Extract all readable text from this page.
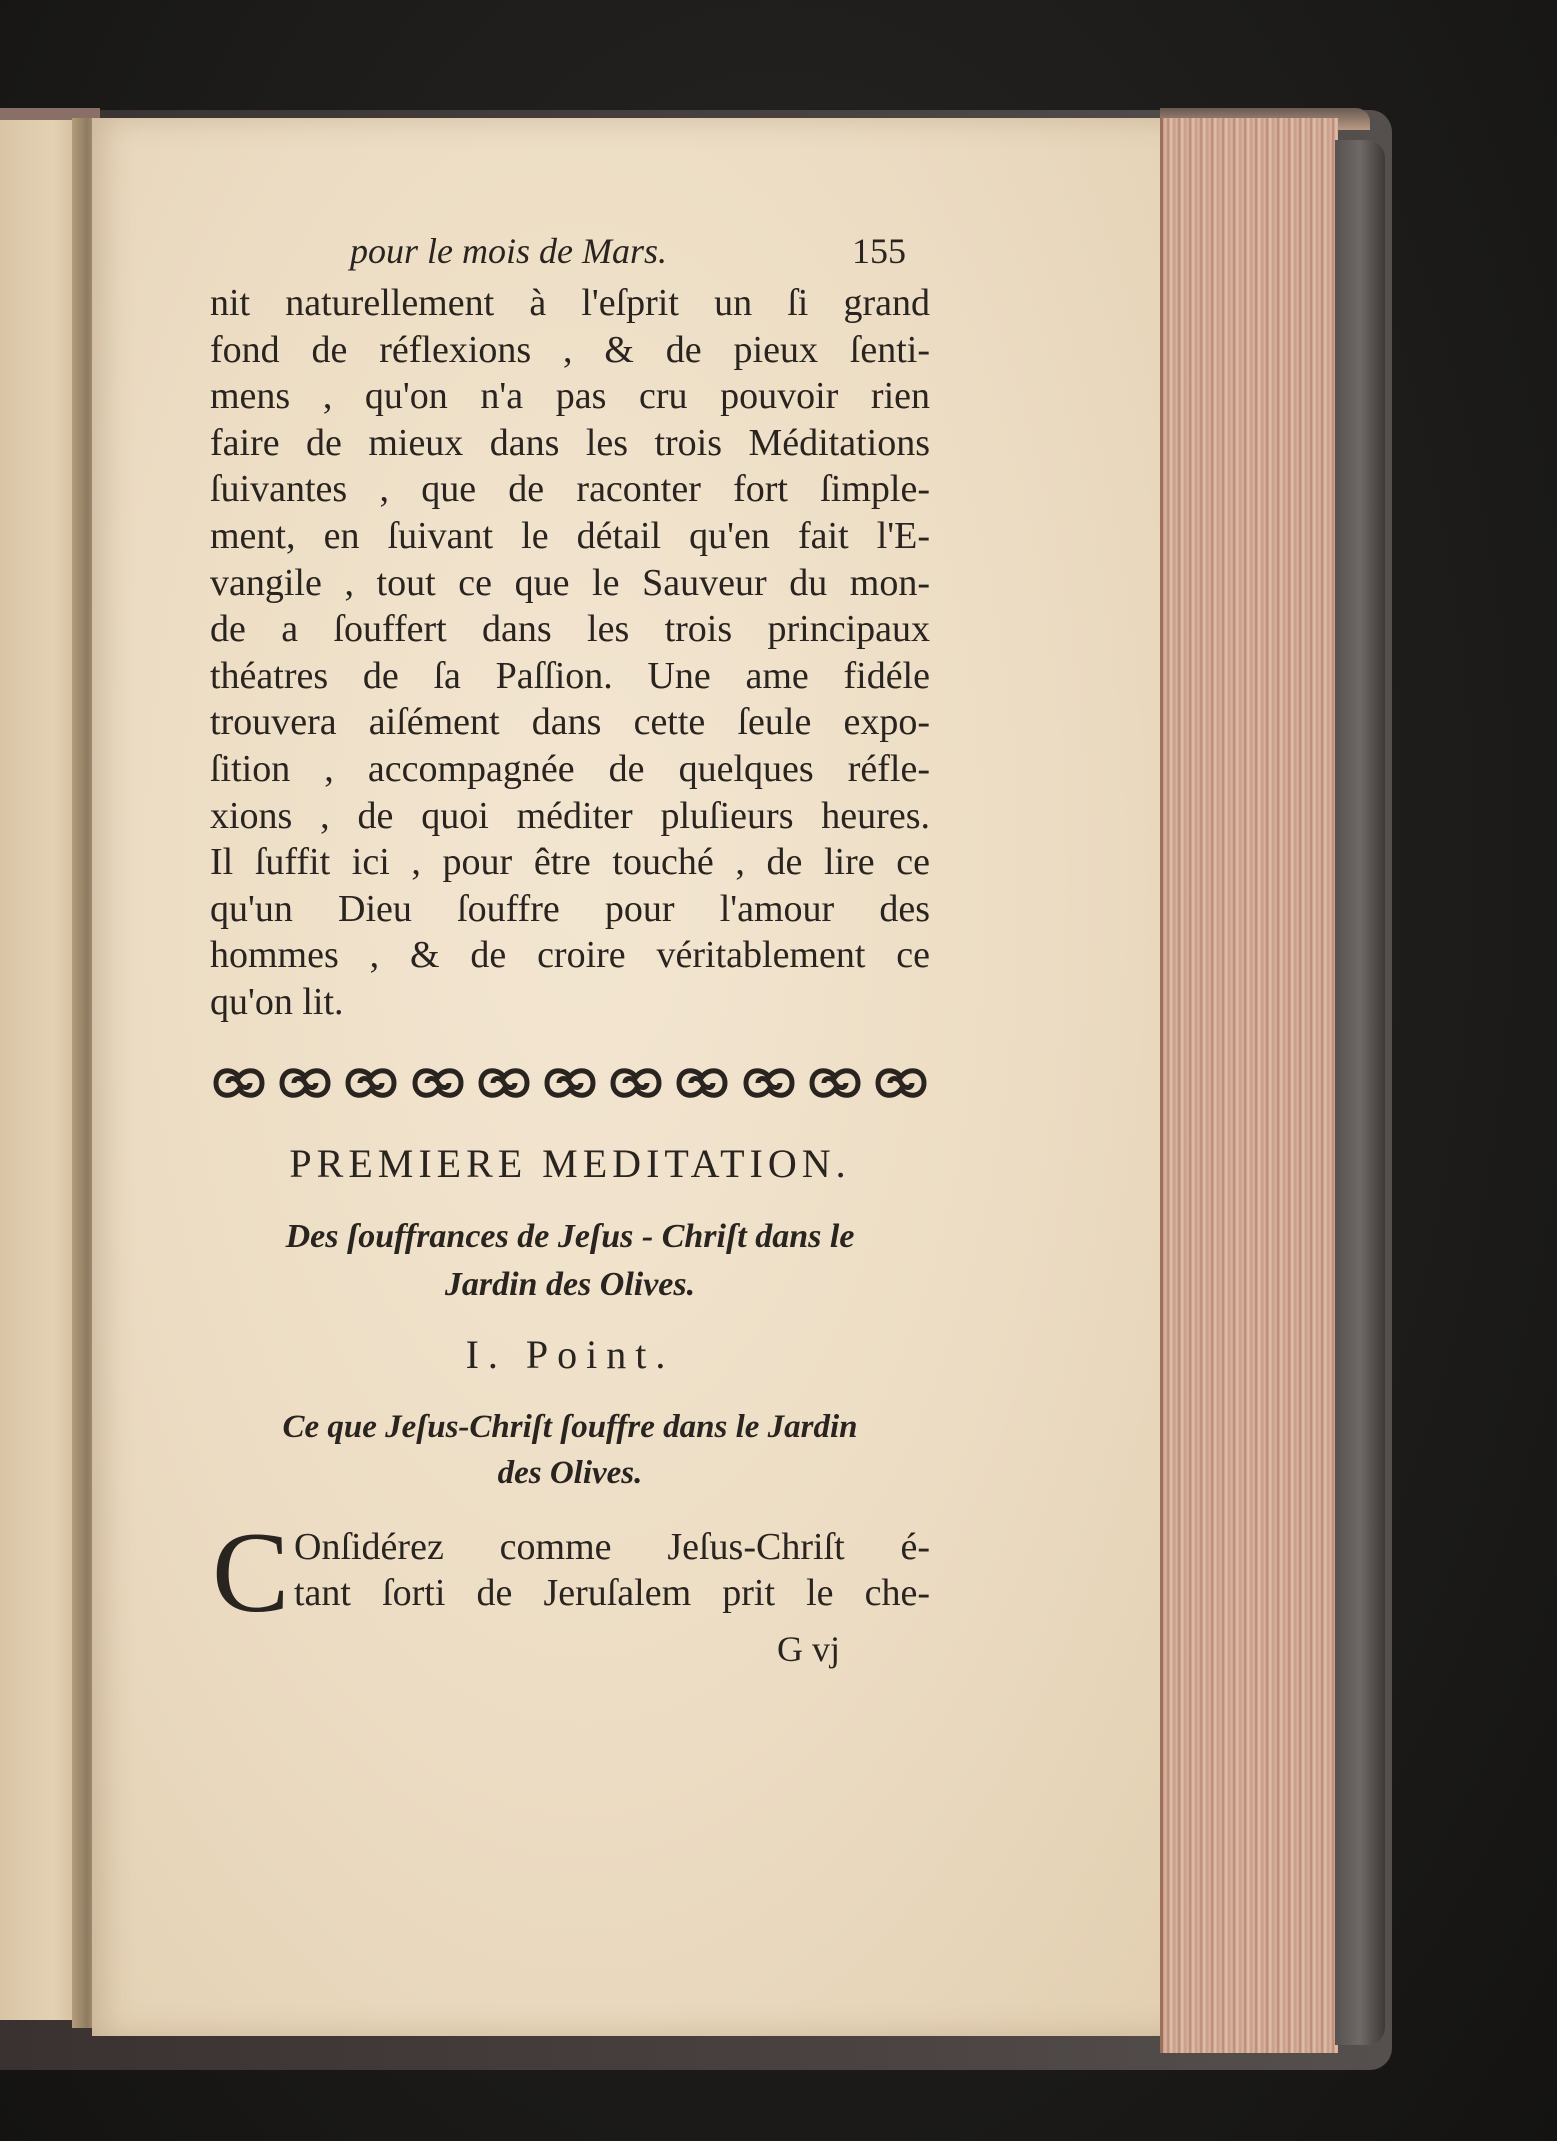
pour le mois de Mars.	155
nit naturellement à l'eſprit un ſi grand
fond de réflexions , & de pieux ſenti-
mens , qu'on n'a pas cru pouvoir rien
faire de mieux dans les trois Méditations
ſuivantes , que de raconter fort ſimple-
ment, en ſuivant le détail qu'en fait l'E-
vangile , tout ce que le Sauveur du mon-
de a ſouffert dans les trois principaux
théatres de ſa Paſſion. Une ame fidéle
trouvera aiſément dans cette ſeule expo-
ſition , accompagnée de quelques réfle-
xions , de quoi méditer pluſieurs heures.
Il ſuffit ici , pour être touché , de lire ce
qu'un Dieu ſouffre pour l'amour des
hommes , & de croire véritablement ce
qu'on lit.
PREMIERE MEDITATION.
Des ſouffrances de Jeſus - Chriſt dans le
Jardin des Olives.
I. Point.
Ce que Jeſus-Chriſt ſouffre dans le Jardin
des Olives.
C Onſidérez comme Jeſus-Chriſt é-
tant ſorti de Jeruſalem prit le che-
G vj
